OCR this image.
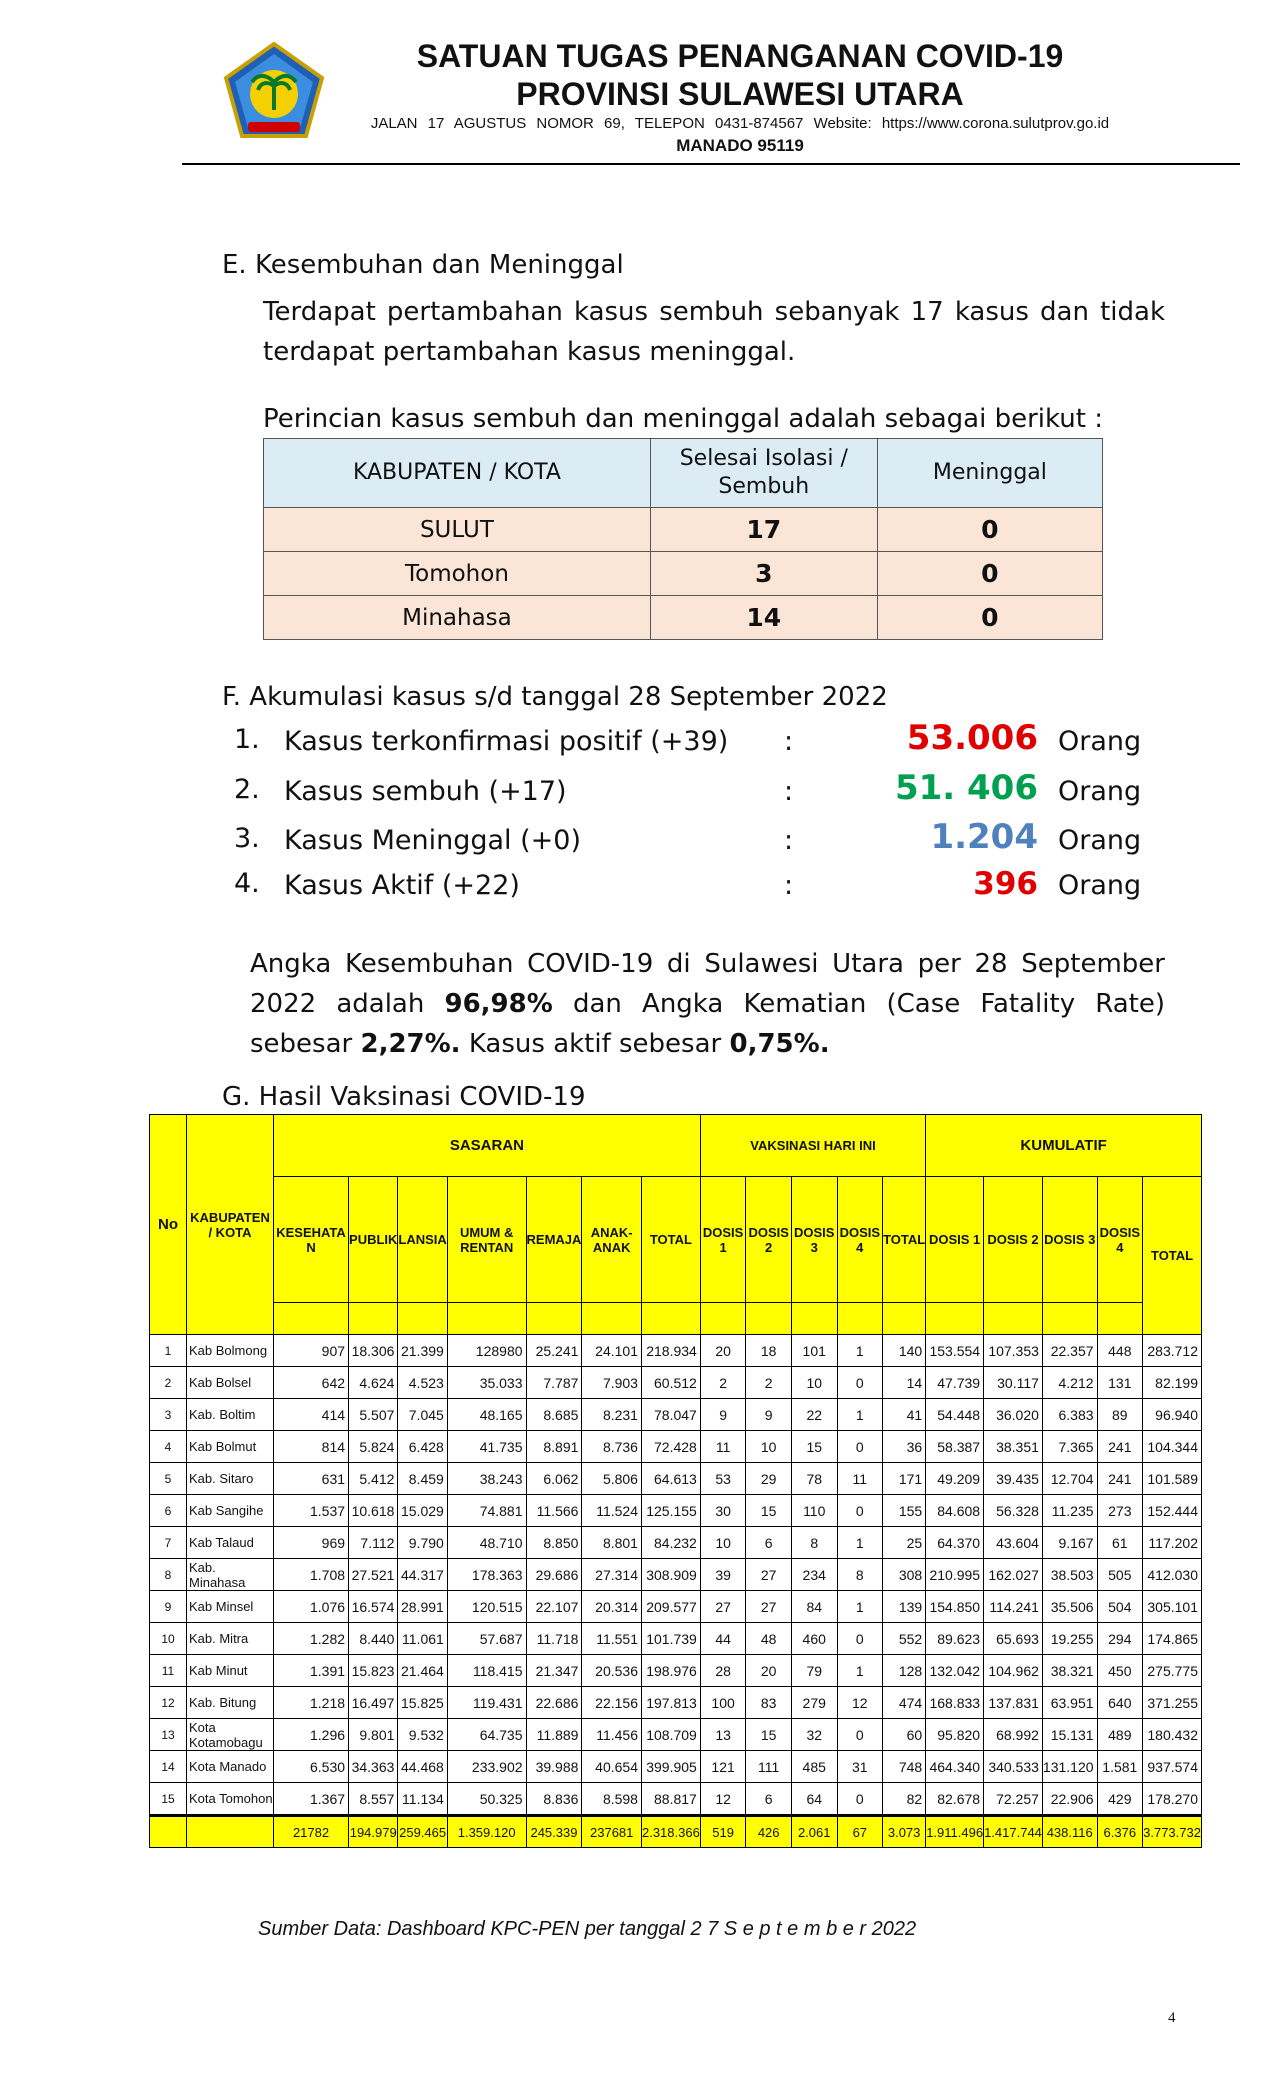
SATUAN TUGAS PENANGANAN COVID-19
PROVINSI SULAWESI UTARA
JALAN 17 AGUSTUS NOMOR 69, TELEPON 0431-874567 Website: https://www.corona.sulutprov.go.id
MANADO 95119
E. Kesembuhan dan Meninggal
Terdapat pertambahan kasus sembuh sebanyak 17 kasus dan tidak terdapat pertambahan kasus meninggal.
Perincian kasus sembuh dan meninggal adalah sebagai berikut :
KABUPATEN / KOTA	Selesai Isolasi / Sembuh	Meninggal
SULUT	17	0
Tomohon	3	0
Minahasa	14	0
F. Akumulasi kasus s/d tanggal 28 September 2022
1. Kasus terkonfirmasi positif (+39) :	53.006 Orang
2. Kasus sembuh (+17)	:	51. 406 Orang
3. Kasus Meninggal (+0)	:	1.204 Orang
4. Kasus Aktif (+22)	:	396 Orang
Angka Kesembuhan COVID-19 di Sulawesi Utara per 28 September 2022 adalah 96,98% dan Angka Kematian (Case Fatality Rate) sebesar 2,27%. Kasus aktif sebesar 0,75%.
G. Hasil Vaksinasi COVID-19
No	KABUPATEN / KOTA	SASARAN							VAKSINASI HARI INI					KUMULATIF				
		KESEHATA N	PUBLIK	LANSIA	UMUM & RENTAN	REMAJA	ANAK-ANAK	TOTAL	DOSIS 1	DOSIS 2	DOSIS 3	DOSIS 4	TOTAL	DOSIS 1	DOSIS 2	DOSIS 3	DOSIS 4	TOTAL

1	Kab Bolmong	907	18.306	21.399	128980	25.241	24.101	218.934	20	18	101	1	140	153.554	107.353	22.357	448	283.712
2	Kab Bolsel	642	4.624	4.523	35.033	7.787	7.903	60.512	2	2	10	0	14	47.739	30.117	4.212	131	82.199
3	Kab. Boltim	414	5.507	7.045	48.165	8.685	8.231	78.047	9	9	22	1	41	54.448	36.020	6.383	89	96.940
4	Kab Bolmut	814	5.824	6.428	41.735	8.891	8.736	72.428	11	10	15	0	36	58.387	38.351	7.365	241	104.344
5	Kab. Sitaro	631	5.412	8.459	38.243	6.062	5.806	64.613	53	29	78	11	171	49.209	39.435	12.704	241	101.589
6	Kab Sangihe	1.537	10.618	15.029	74.881	11.566	11.524	125.155	30	15	110	0	155	84.608	56.328	11.235	273	152.444
7	Kab Talaud	969	7.112	9.790	48.710	8.850	8.801	84.232	10	6	8	1	25	64.370	43.604	9.167	61	117.202
8	Kab. Minahasa	1.708	27.521	44.317	178.363	29.686	27.314	308.909	39	27	234	8	308	210.995	162.027	38.503	505	412.030
9	Kab Minsel	1.076	16.574	28.991	120.515	22.107	20.314	209.577	27	27	84	1	139	154.850	114.241	35.506	504	305.101
10	Kab. Mitra	1.282	8.440	11.061	57.687	11.718	11.551	101.739	44	48	460	0	552	89.623	65.693	19.255	294	174.865
11	Kab Minut	1.391	15.823	21.464	118.415	21.347	20.536	198.976	28	20	79	1	128	132.042	104.962	38.321	450	275.775
12	Kab. Bitung	1.218	16.497	15.825	119.431	22.686	22.156	197.813	100	83	279	12	474	168.833	137.831	63.951	640	371.255
13	Kota Kotamobagu	1.296	9.801	9.532	64.735	11.889	11.456	108.709	13	15	32	0	60	95.820	68.992	15.131	489	180.432
14	Kota Manado	6.530	34.363	44.468	233.902	39.988	40.654	399.905	121	111	485	31	748	464.340	340.533	131.120	1.581	937.574
15	Kota Tomohon	1.367	8.557	11.134	50.325	8.836	8.598	88.817	12	6	64	0	82	82.678	72.257	22.906	429	178.270
		21782	194.979	259.465	1.359.120	245.339	237681	2.318.366	519	426	2.061	67	3.073	1.911.496	1.417.744	438.116	6.376	3.773.732
Sumber Data: Dashboard KPC-PEN per tanggal 2 7 S e p t e m b e r 2022
4
